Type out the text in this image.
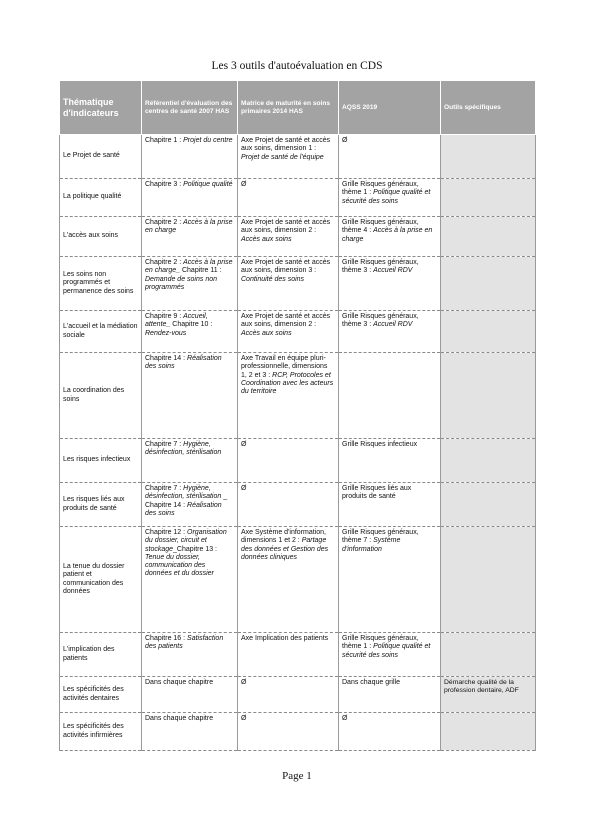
Les 3 outils d'autoévaluation en CDS
Thématique d'indicateurs	Référentiel d'évaluation des centres de santé 2007 HAS	Matrice de maturité en soins primaires 2014 HAS	AQSS 2019	Outils spécifiques
Le Projet de santé	Chapitre 1 : Projet du centre	Axe Projet de santé et accès aux soins, dimension 1 : Projet de santé de l'équipe	Ø	
La politique qualité	Chapitre 3 : Politique qualité	Ø	Grille Risques généraux, thème 1 : Politique qualité et sécurité des soins	
L'accès aux soins	Chapitre 2 : Accès à la prise en charge	Axe Projet de santé et accès aux soins, dimension 2 : Accès aux soins	Grille Risques généraux, thème 4 : Accès à la prise en charge	
Les soins non programmés et permanence des soins	Chapitre 2 : Accès à la prise en charge_ Chapitre 11 : Demande de soins non programmés	Axe Projet de santé et accès aux soins, dimension 3 : Continuité des soins	Grille Risques généraux, thème 3 : Accueil RDV	
L'accueil et la médiation sociale	Chapitre 9 : Accueil, attente_ Chapitre 10 : Rendez-vous	Axe Projet de santé et accès aux soins, dimension 2 : Accès aux soins	Grille Risques généraux, thème 3 : Accueil RDV	
La coordination des soins	Chapitre 14 : Réalisation des soins	Axe Travail en équipe pluri-professionnelle, dimensions 1, 2 et 3 : RCP, Protocoles et Coordination avec les acteurs du territoire		
Les risques infectieux	Chapitre 7 : Hygiène, désinfection, stérilisation	Ø	Grille Risques infectieux	
Les risques liés aux produits de santé	Chapitre 7 : Hygiène, désinfection, stérilisation _ Chapitre 14 : Réalisation des soins	Ø	Grille Risques liés aux produits de santé	
La tenue du dossier patient et communication des données	Chapitre 12 : Organisation du dossier, circuit et stockage_Chapitre 13 : Tenue du dossier, communication des données et du dossier	Axe Système d'information, dimensions 1 et 2 : Partage des données et Gestion des données cliniques	Grille Risques généraux, thème 7 : Système d'information	
L'implication des patients	Chapitre 16 : Satisfaction des patients	Axe Implication des patients	Grille Risques généraux, thème 1 : Politique qualité et sécurité des soins	
Les spécificités des activités dentaires	Dans chaque chapitre	Ø	Dans chaque grille	Démarche qualité de la profession dentaire, ADF
Les spécificités des activités infirmières	Dans chaque chapitre	Ø	Ø	
Page 1
